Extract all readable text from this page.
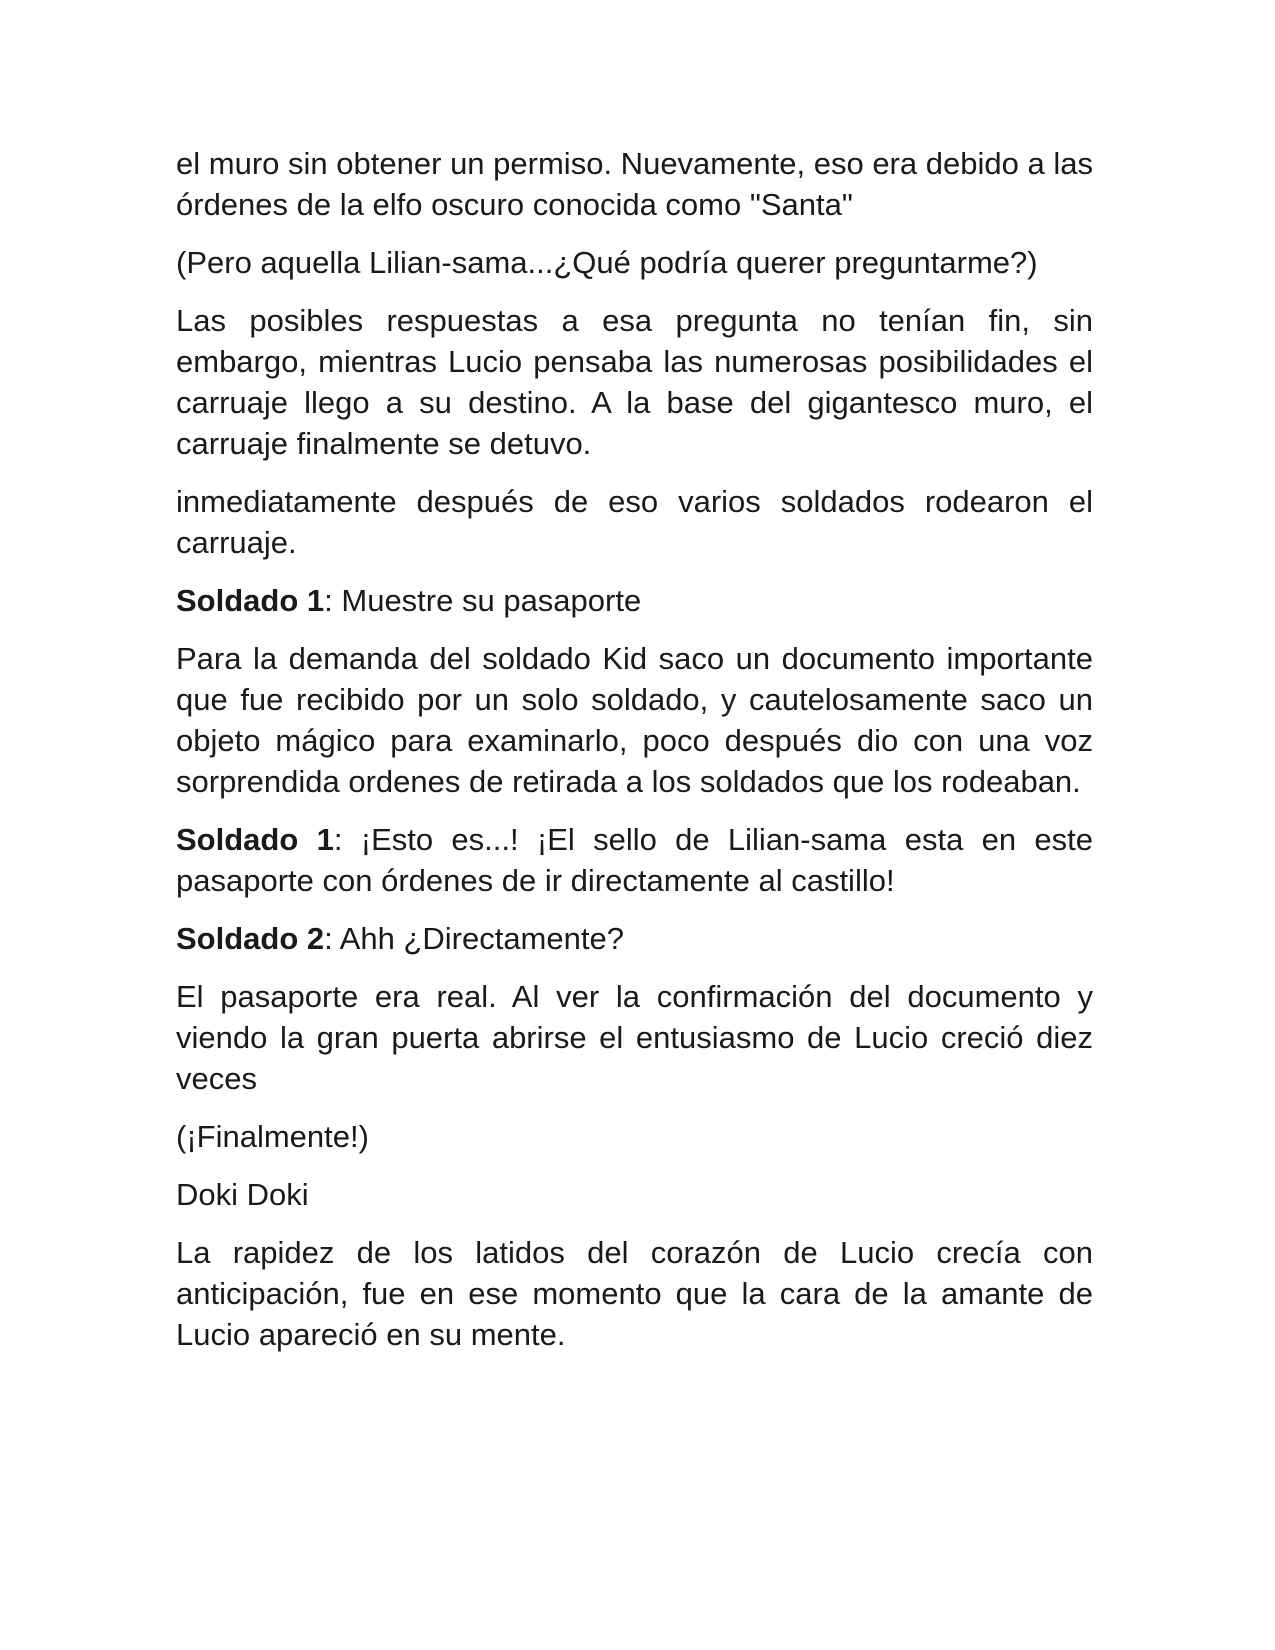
el muro sin obtener un permiso. Nuevamente, eso era debido a las órdenes de la elfo oscuro conocida como "Santa"

(Pero aquella Lilian-sama...¿Qué podría querer preguntarme?)

Las posibles respuestas a esa pregunta no tenían fin, sin embargo, mientras Lucio pensaba las numerosas posibilidades el carruaje llego a su destino. A la base del gigantesco muro, el carruaje finalmente se detuvo.

inmediatamente después de eso varios soldados rodearon el carruaje.

Soldado 1: Muestre su pasaporte

Para la demanda del soldado Kid saco un documento importante que fue recibido por un solo soldado, y cautelosamente saco un objeto mágico para examinarlo, poco después dio con una voz sorprendida ordenes de retirada a los soldados que los rodeaban.

Soldado 1: ¡Esto es...! ¡El sello de Lilian-sama esta en este pasaporte con órdenes de ir directamente al castillo!

Soldado 2: Ahh ¿Directamente?

El pasaporte era real. Al ver la confirmación del documento y viendo la gran puerta abrirse el entusiasmo de Lucio creció diez veces

(¡Finalmente!)

Doki Doki

La rapidez de los latidos del corazón de Lucio crecía con anticipación, fue en ese momento que la cara de la amante de Lucio apareció en su mente.
